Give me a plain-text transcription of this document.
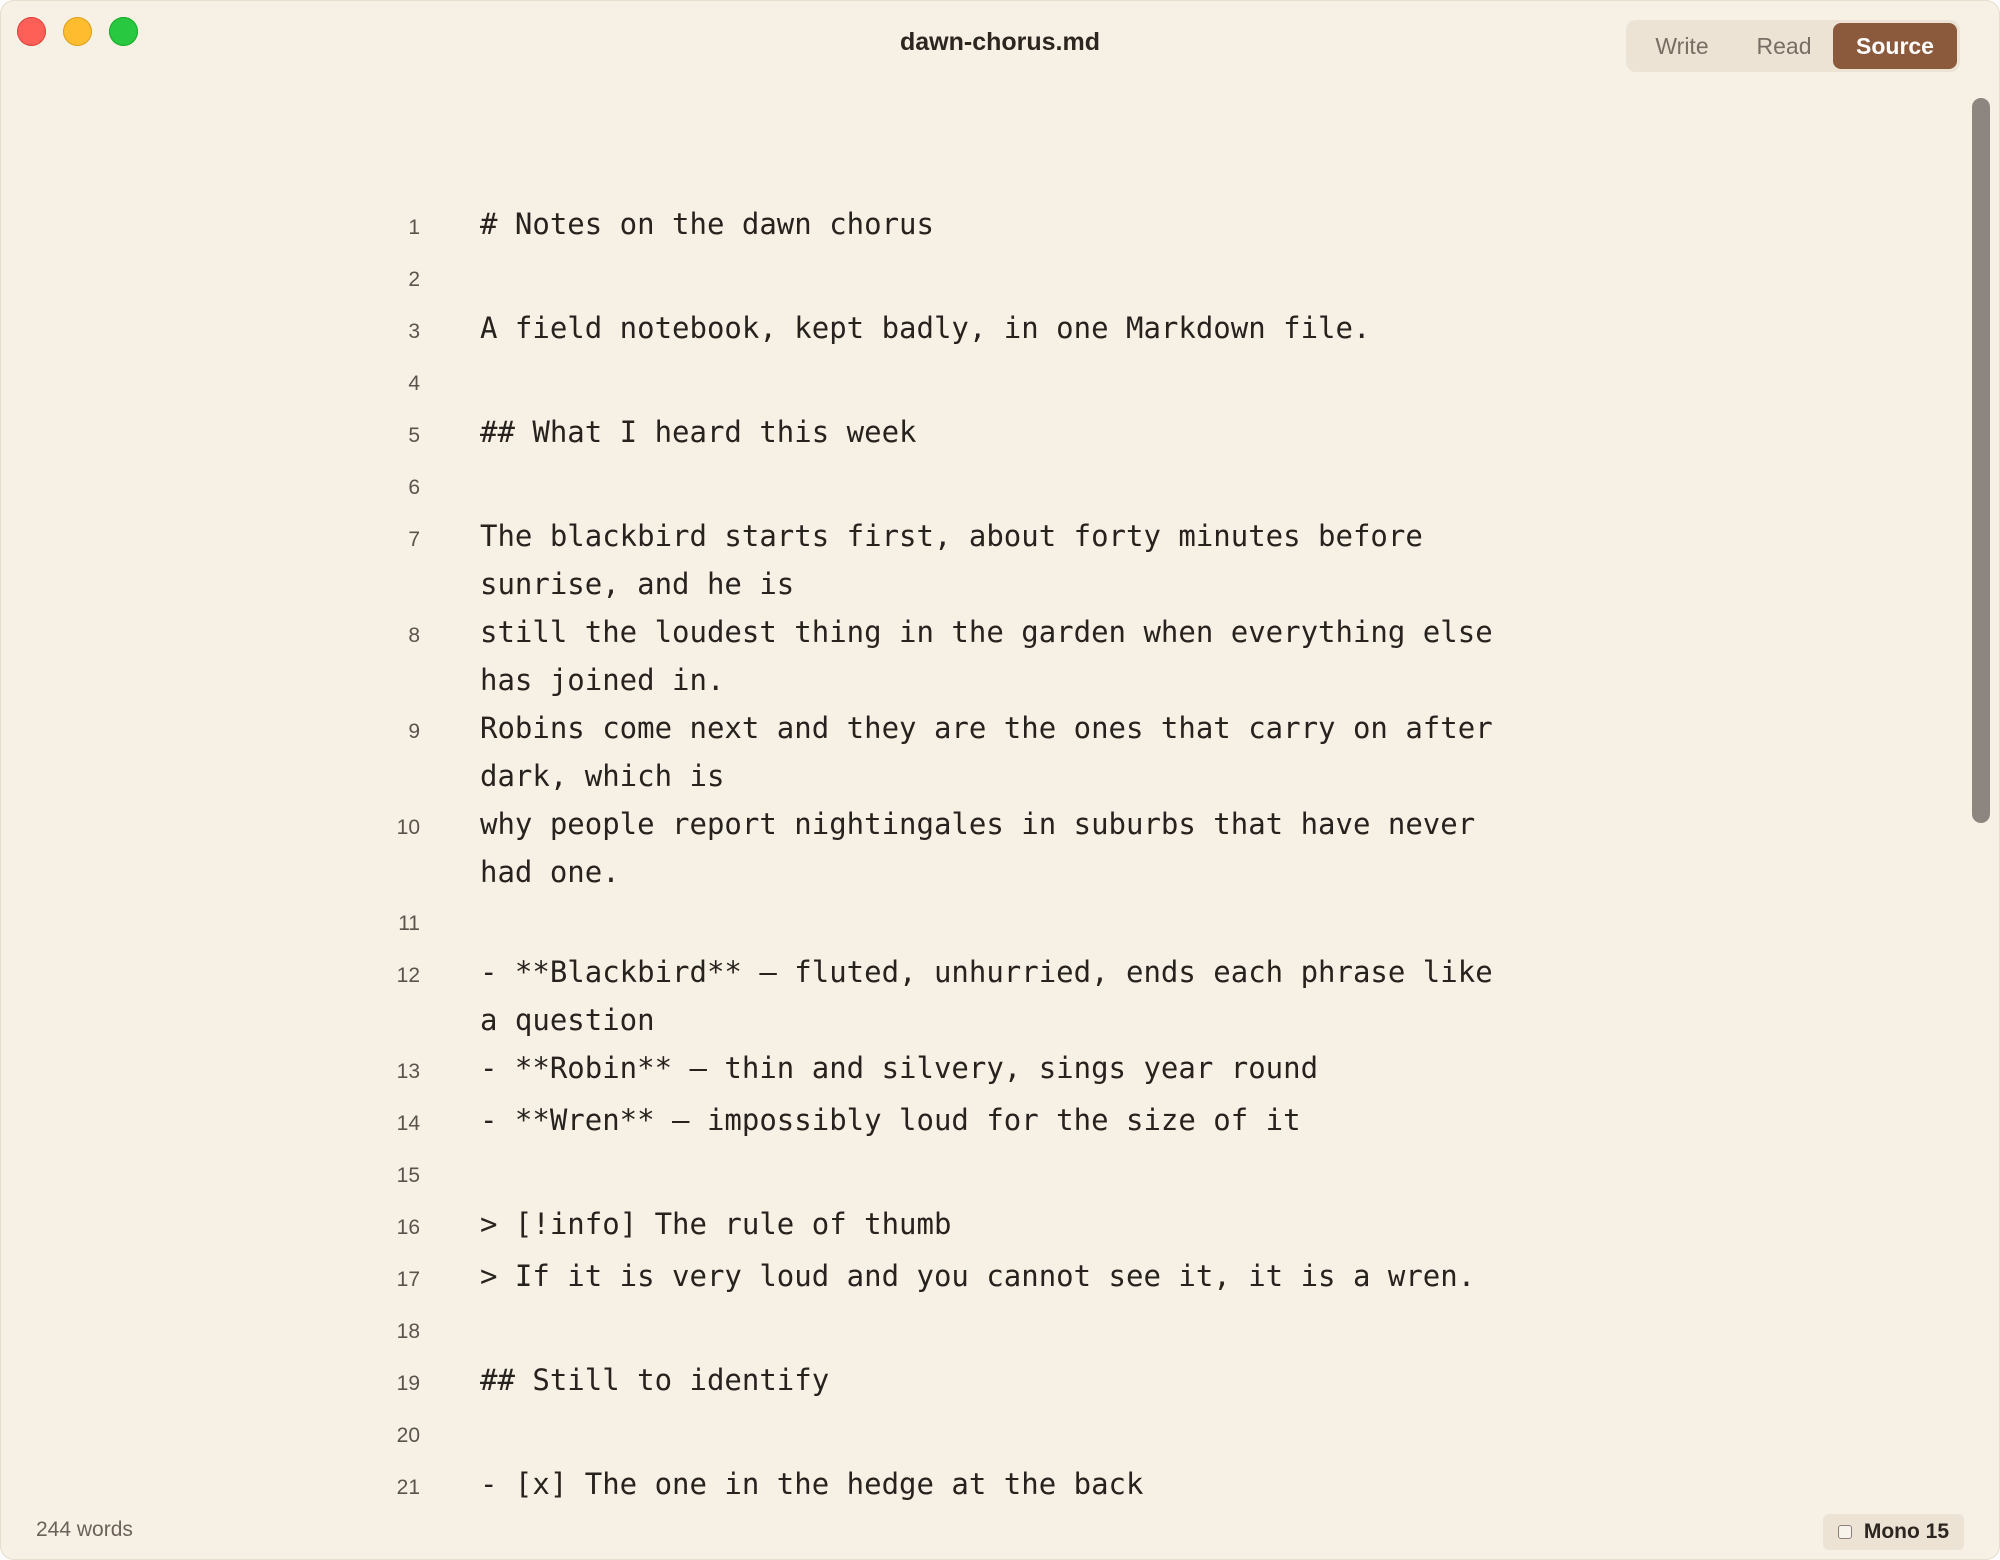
dawn-chorus.md	Write	Read	Source
1	# Notes on the dawn chorus
2
3	A field notebook, kept badly, in one Markdown file.
4
5	## What I heard this week
6
7	The blackbird starts first, about forty minutes before sunrise, and he is
8	still the loudest thing in the garden when everything else has joined in.
9	Robins come next and they are the ones that carry on after dark, which is
10	why people report nightingales in suburbs that have never had one.
11
12	- **Blackbird** — fluted, unhurried, ends each phrase like a question
13	- **Robin** — thin and silvery, sings year round
14	- **Wren** — impossibly loud for the size of it
15
16	> [!info] The rule of thumb
17	> If it is very loud and you cannot see it, it is a wren.
18
19	## Still to identify
20
21	- [x] The one in the hedge at the back
244 words	Mono 15
